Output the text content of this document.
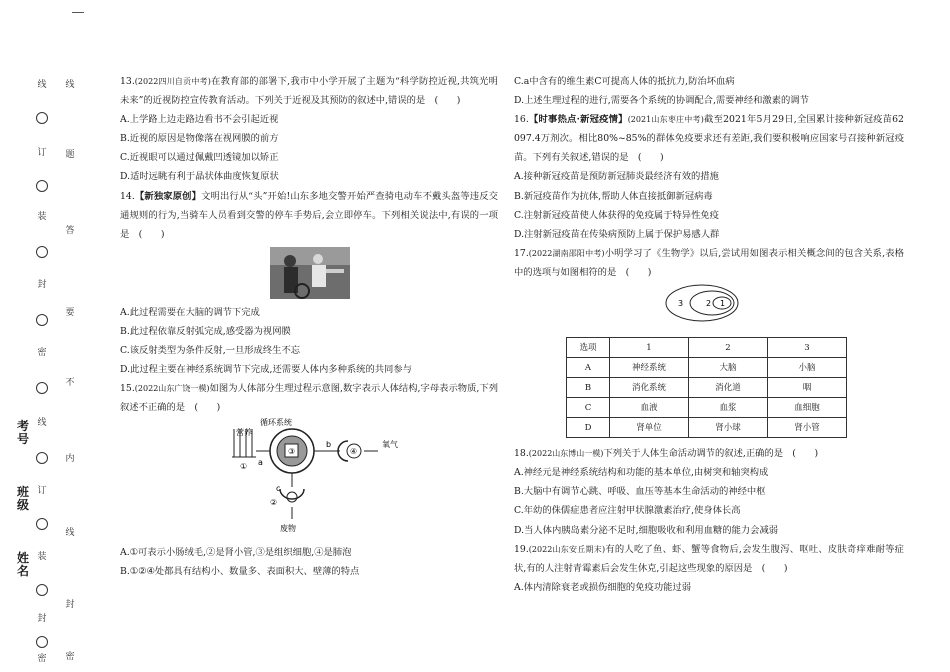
线
订
装
封
密
线
订
装
封
密
考号
班级
姓名
线
题
答
要
不
内
线
封
密

13.(2022四川自贡中考)在教育部的部署下,我市中小学开展了主题为“科学防控近视,共筑光明未来”的近视防控宣传教育活动。下列关于近视及其预防的叙述中,错误的是　(　　)

A.上学路上边走路边看书不会引起近视
B.近视的原因是物像落在视网膜的前方
C.近视眼可以通过佩戴凹透镜加以矫正
D.适时远眺有利于晶状体曲度恢复原状

14.【新独家原创】文明出行从“头”开始!山东多地交警开始严查骑电动车不戴头盔等违反交通规则的行为,当骑车人员看到交警的停车手势后,会立即停车。下列相关说法中,有误的一项是　(　　)

A.此过程需要在大脑的调节下完成
B.此过程依靠反射弧完成,感受器为视网膜
C.该反射类型为条件反射,一旦形成终生不忘
D.此过程主要在神经系统调节下完成,还需要人体内多种系统的共同参与

15.(2022山东广饶一模)如图为人体部分生理过程示意图,数字表示人体结构,字母表示物质,下列叙述不正确的是　(　　)

循环系统
③
营养
① a
b
④
氧气
c
②
废物
A.①可表示小肠绒毛,②是肾小管,③是组织细胞,④是肺泡
B.①②④处都具有结构小、数量多、表面积大、壁薄的特点
C.a中含有的维生素C可提高人体的抵抗力,防治坏血病
D.上述生理过程的进行,需要各个系统的协调配合,需要神经和激素的调节

16.【时事热点·新冠疫情】(2021山东枣庄中考)截至2021年5月29日,全国累计接种新冠疫苗62 097.4万剂次。相比80%~85%的群体免疫要求还有差距,我们要积极响应国家号召接种新冠疫苗。下列有关叙述,错误的是　(　　)

A.接种新冠疫苗是预防新冠肺炎最经济有效的措施
B.新冠疫苗作为抗体,帮助人体直接抵御新冠病毒
C.注射新冠疫苗使人体获得的免疫属于特异性免疫
D.注射新冠疫苗在传染病预防上属于保护易感人群

17.(2022湖南邵阳中考)小明学习了《生物学》以后,尝试用如图表示相关概念间的包含关系,表格中的选项与如图相符的是　(　　)

3	2 1
选项	1	2	3
A	神经系统	大脑	小脑
B	消化系统	消化道	咽
C	血液	血浆	血细胞
D	肾单位	肾小球	肾小管

18.(2022山东博山一模)下列关于人体生命活动调节的叙述,正确的是　(　　)

A.神经元是神经系统结构和功能的基本单位,由树突和轴突构成
B.大脑中有调节心跳、呼吸、血压等基本生命活动的神经中枢
C.年幼的侏儒症患者应注射甲状腺激素治疗,使身体长高
D.当人体内胰岛素分泌不足时,细胞吸收和利用血糖的能力会减弱

19.(2022山东安丘期末)有的人吃了鱼、虾、蟹等食物后,会发生腹泻、呕吐、皮肤奇痒难耐等症状,有的人注射青霉素后会发生休克,引起这些现象的原因是　(　　)

A.体内清除衰老或损伤细胞的免疫功能过弱
